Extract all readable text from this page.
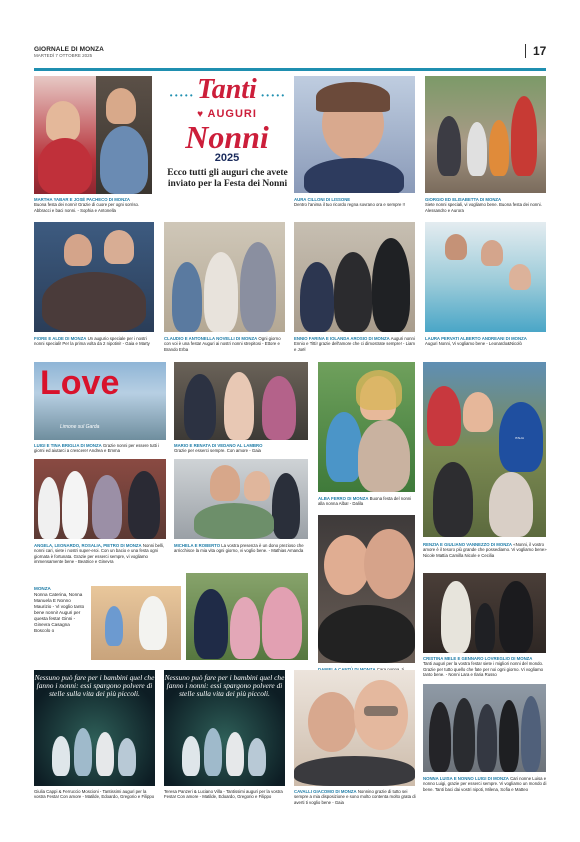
GIORNALE DI MONZA
MARTEDÌ 7 OTTOBRE 2025	17
MARTHA YABAR E JOSÉ PACHECO DI MONZA
Buona festa dei nonni! Grazie di cuore per ogni sorriso. Abbracci e baci nonni. - Sophia e Antonella
• • • • • Tanti • • • • •
♥ AUGURI
Nonni
2025
Ecco tutti gli auguri che avete inviato per la Festa dei Nonni
AURA CILLONI DI LISSONE
Dentro l'anima il tuo ricordo regna sovrano ora e sempre !!
GIORGIO ED ELISABETTA DI MONZA
Siete nonni speciali, vi vogliamo bene. Buona festa dei nonni. Alessandro e Aurora
FIORE E ALDE DI MONZA Un augurio speciale per i nostri nonni speciali! Per la prima volta da 2 nipotini! - Gaia e Marty
CLAUDIO E ANTONELLA NOVELLI DI MONZA Ogni giorno con voi è una festa! Auguri ai nostri nonni strepitosi - Ettore e Brando Erba
ENNIO FARINA E IOLANDA AROSIO DI MONZA Auguri nonni Ennio e Titti! grazie dell'amore che ci dimostrate sempre! - Liam e Joël
LAURA PERVATI ALBERTO ANDREANI DI MONZA
Auguri Nonni, Vi vogliamo bene - Leonardo&Nicolò
Love
Limone sul Garda
LUIGI E TINA BRIGLIA DI MONZA Grazie nonni per essere tutti i giorni ed aiutarci a crescere! Andrea e Emma
MARIO E RENATA DI VEDANO AL LAMBRO
Grazie per esserci sempre. Con amore - Gaia
ALBA FERRO DI MONZA Buona festa del nonni alla nonna Alba! - Dalila
ITALIA
RENZIA E GIULIANO VANNEZZO DI MONZA «Nonni, il vostro amore è il tesoro più grande che possediamo. Vi vogliamo bene» Nicole Mattia Camilla Nicole e Cecilia
ANGELA, LEONARDO, ROSALIA, PIETRO DI MONZA Nonni belli, nonni cari, siete i nostri super-eroi. Con un bacio e una festa ogni giornata è fortunata. Grazie per esserci sempre, vi vogliamo immensamente bene - Beatrice e Ginevra
MICHELA E ROBERTO La vostra presenza è un dono prezioso che arricchisce la mia vita ogni giorno, vi voglio bene. - Mathias Amanda
MONZA
Nonna Caterina, Nonna Manuela E Nonno Maurizio - Vi voglio tanto bene nonni! Auguri per questa festa! Ginni - Ginevra Casagna Boscolo o
CRISTINA MELE E GENNARO LOVREGLIO DI MONZA
Tanti auguri per la vostra festa! siete i migliori nonni del mondo. Grazie per tutto quello che fate per noi ogni giorno. Vi vogliamo tanto bene. - Nonni Lara e Ilaria Russo
Nessuno può fare per i bambini quel che fanno i nonni: essi spargono polvere di stelle sulla vita dei più piccoli.
Giulia Cappi & Ferruccio Moscioni - Tantissimi auguri per la vostra Festa! Con amore - Matilde, Edoardo, Gregorio e Filippo
Nessuno può fare per i bambini quel che fanno i nonni: essi spargono polvere di stelle sulla vita dei più piccoli.
Teresa Panzeri & Luciano Villa - Tantissimi auguri per la vostra Festa! Con amore - Matilde, Edoardo, Gregorio e Filippo
CAVALLI GIACOMO DI MONZA Nonnino grazie di tutto sei sempre a mia disposizione e sono molto contenta molto grata di averti ti voglio bene - Gaia
NONNA LUISA E NONNO LUIGI DI MONZA Cari nonne Luisa e nonno Luigi, grazie per esserci sempre. Vi vogliamo un mondo di bene. Tanti baci dai vostri nipoti, Milena, Sofia e Matteo
